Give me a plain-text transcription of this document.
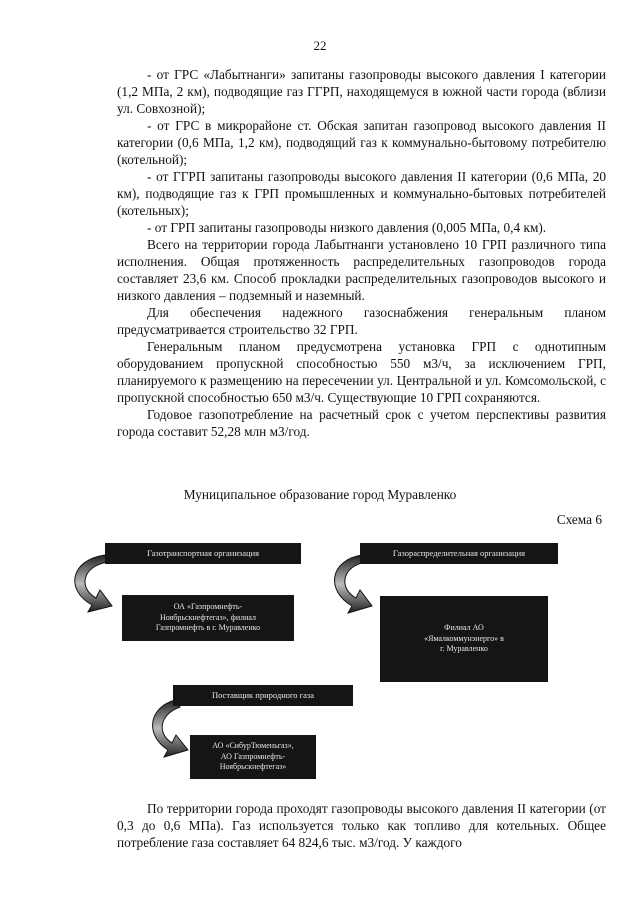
22

- от ГРС «Лабытнанги» запитаны газопроводы высокого давления I категории (1,2 МПа, 2 км), подводящие газ ГГРП, находящемуся в южной части города (вблизи ул. Совхозной);

- от ГРС в микрорайоне ст. Обская запитан газопровод высокого давления II категории (0,6 МПа, 1,2 км), подводящий газ к коммунально-бытовому потребителю (котельной);

- от ГГРП запитаны газопроводы высокого давления II категории (0,6 МПа, 20 км), подводящие газ к ГРП промышленных и коммунально-бытовых потребителей (котельных);

- от ГРП запитаны газопроводы низкого давления (0,005 МПа, 0,4 км).

Всего на территории города Лабытнанги установлено 10 ГРП различного типа исполнения. Общая протяженность распределительных газопроводов города составляет 23,6 км. Способ прокладки распределительных газопроводов высокого и низкого давления – подземный и наземный.

Для обеспечения надежного газоснабжения генеральным планом предусматривается строительство 32 ГРП.

Генеральным планом предусмотрена установка ГРП с однотипным оборудованием пропускной способностью 550 м3/ч, за исключением ГРП, планируемого к размещению на пересечении ул. Центральной и ул. Комсомольской, с пропускной способностью 650 м3/ч. Существующие 10 ГРП сохраняются.

Годовое газопотребление на расчетный срок с учетом перспективы развития города составит 52,28 млн м3/год.

Муниципальное образование город Муравленко
Схема 6
Газотранспортная организация
ОА «Газпромнефть-
Ноябрьскнефтегаз», филиал
Газпромнефть в г. Муравленко
Газораспределительная организация
Филиал АО
«Ямалкоммунэнерго» в
г. Муравленко
Поставщик природного газа
АО «СибурТюменьгаз»,
АО Газпромнефть-
Ноябрьскнефтегаз»

По территории города проходят газопроводы высокого давления II категории (от 0,3 до 0,6 МПа). Газ используется только как топливо для котельных. Общее потребление газа составляет 64 824,6 тыс. м3/год. У каждого
